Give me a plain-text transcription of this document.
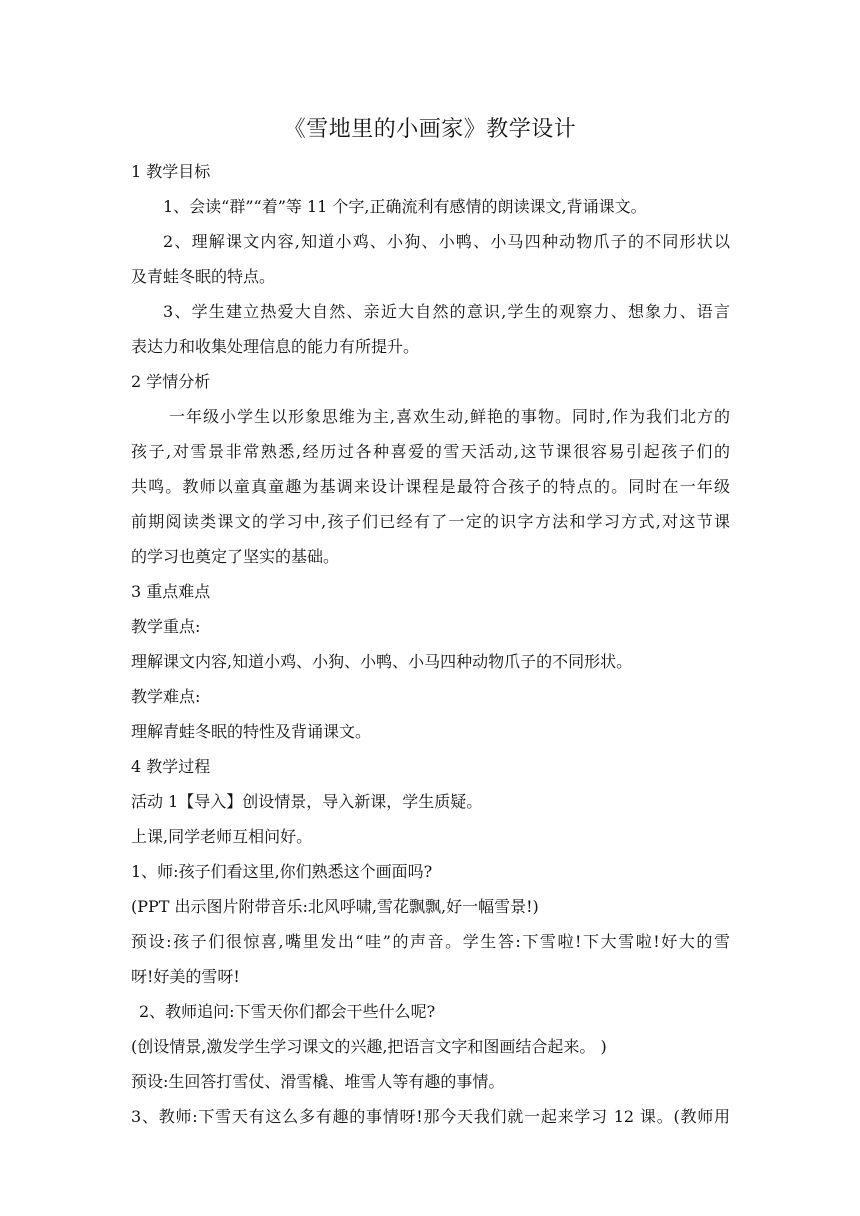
《雪地里的小画家》教学设计
1 教学目标
1、会读“群”“着”等 11 个字,正确流利有感情的朗读课文,背诵课文。
2、理解课文内容,知道小鸡、小狗、小鸭、小马四种动物爪子的不同形状以
及青蛙冬眠的特点。
3、学生建立热爱大自然、亲近大自然的意识,学生的观察力、想象力、语言
表达力和收集处理信息的能力有所提升。
2 学情分析
一年级小学生以形象思维为主,喜欢生动,鲜艳的事物。同时,作为我们北方的
孩子,对雪景非常熟悉,经历过各种喜爱的雪天活动,这节课很容易引起孩子们的
共鸣。教师以童真童趣为基调来设计课程是最符合孩子的特点的。同时在一年级
前期阅读类课文的学习中,孩子们已经有了一定的识字方法和学习方式,对这节课
的学习也奠定了坚实的基础。
3 重点难点
教学重点:
理解课文内容,知道小鸡、小狗、小鸭、小马四种动物爪子的不同形状。
教学难点:
理解青蛙冬眠的特性及背诵课文。
4 教学过程
活动 1【导入】创设情景，导入新课，学生质疑。
上课,同学老师互相问好。
1、师:孩子们看这里,你们熟悉这个画面吗?
(PPT 出示图片附带音乐:北风呼啸,雪花飘飘,好一幅雪景!)
预设:孩子们很惊喜,嘴里发出“哇”的声音。学生答:下雪啦!下大雪啦!好大的雪
呀!好美的雪呀!
2、教师追问:下雪天你们都会干些什么呢?
(创设情景,激发学生学习课文的兴趣,把语言文字和图画结合起来。 )
预设:生回答打雪仗、滑雪橇、堆雪人等有趣的事情。
3、教师:下雪天有这么多有趣的事情呀!那今天我们就一起来学习 12 课。(教师用
